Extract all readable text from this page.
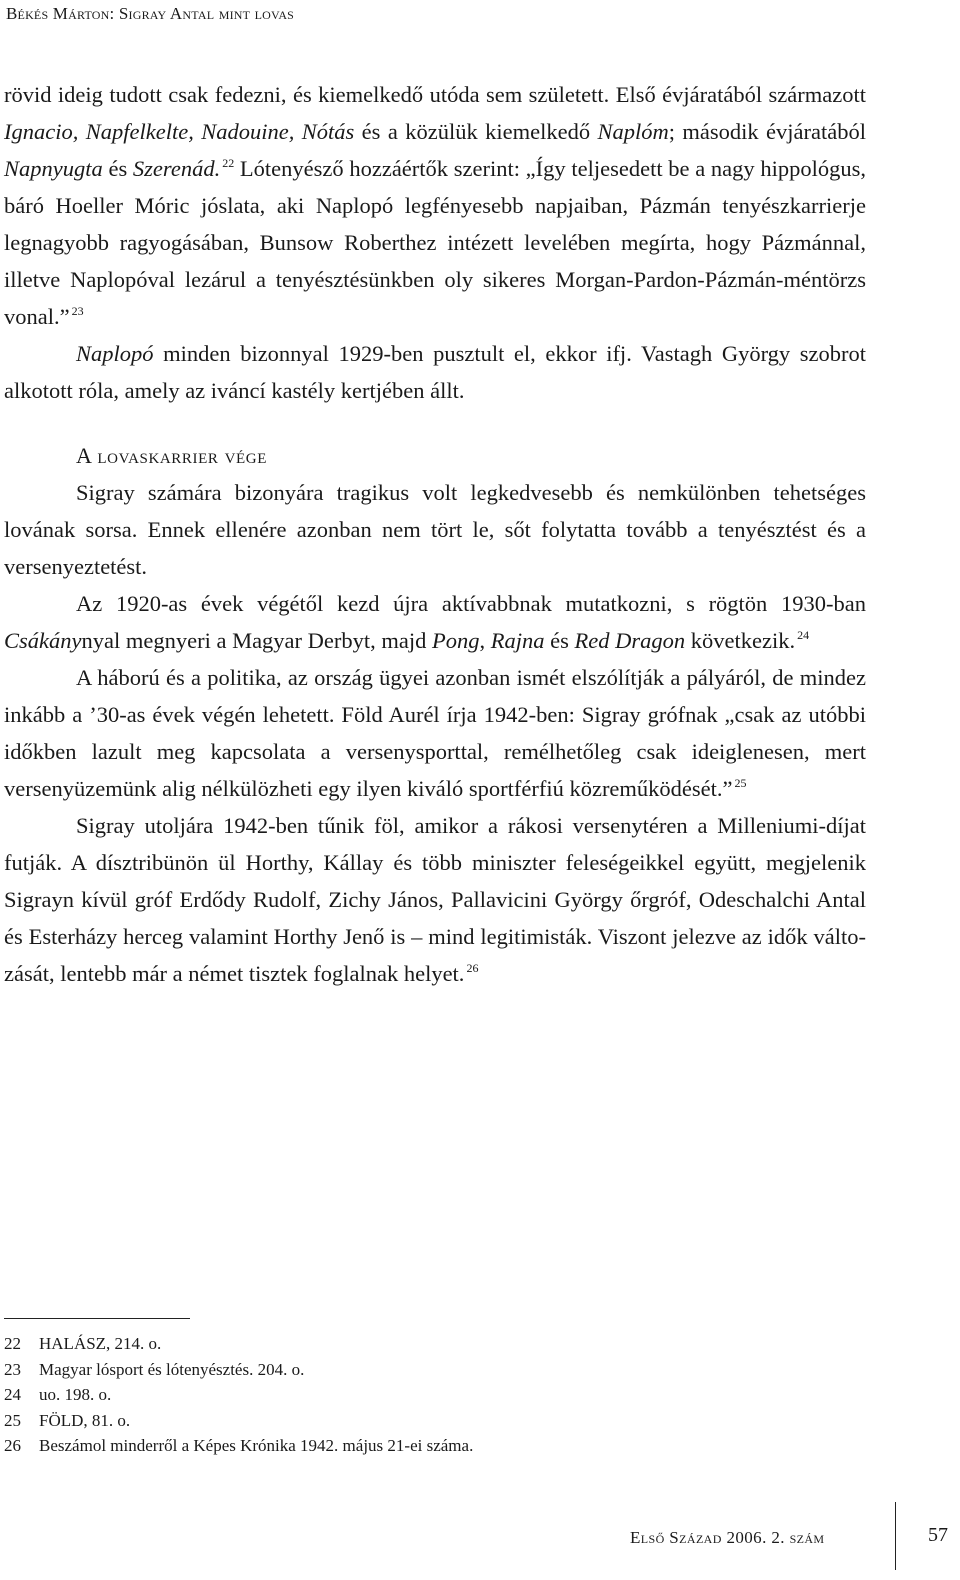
Békés Márton: Sigray Antal mint lovas

rövid ideig tudott csak fedezni, és kiemelkedő utóda sem született. Első évjáratából származott Ignacio, Napfelkelte, Nadouine, Nótás és a közülük kiemelkedő Naplóm; második évjáratából Napnyugta és Szerenád. $^{22}$ Lótenyésző hozzáértők szerint: „Így teljesedett be a nagy hippológus, báró Hoeller Móric jóslata, aki Naplopó legfényesebb napjaiban, Pázmán tenyészkarrierje legnagyobb ragyogásában, Bunsow Roberthez intézett levelében megírta, hogy Pázmánnal, illetve Naplopóval lezárul a tenyésztésünkben oly sikeres Morgan-Pardon-Pázmán-méntörzs vonal.” $^{23}$

Naplopó minden bizonnyal 1929-ben pusztult el, ekkor ifj. Vastagh György szobrot alkotott róla, amely az iváncí kastély kertjében állt.

A lovaskarrier vége

Sigray számára bizonyára tragikus volt legkedvesebb és nemkülönben tehetséges lovának sorsa. Ennek ellenére azonban nem tört le, sőt folytatta tovább a tenyésztést és a versenyeztetést.

Az 1920-as évek végétől kezd újra aktívabbnak mutatkozni, s rögtön 1930-ban Csákánynyal megnyeri a Magyar Derbyt, majd Pong, Rajna és Red Dragon következik. $^{24}$

A háború és a politika, az ország ügyei azonban ismét elszólítják a pályáról, de mindez inkább a ’30-as évek végén lehetett. Föld Aurél írja 1942-ben: Sigray grófnak „csak az utóbbi időkben lazult meg kapcsolata a versenysporttal, remélhetőleg csak ideiglenesen, mert versenyüzemünk alig nélkülözheti egy ilyen kiváló sportférfiú közreműködését.” $^{25}$

Sigray utoljára 1942-ben tűnik föl, amikor a rákosi versenytéren a Milleniumi-díjat futják. A dísztribünön ül Horthy, Kállay és több miniszter feleségeikkel együtt, megjelenik Sigrayn kívül gróf Erdődy Rudolf, Zichy János, Pallavicini György őrgróf, Odeschalchi Antal és Esterházy herceg valamint Horthy Jenő is – mind legitimisták. Viszont jelezve az idők változását, lentebb már a német tisztek foglalnak helyet. $^{26}$

22	HALÁSZ, 214. o.
23	Magyar lósport és lótenyésztés. 204. o.
24	uo. 198. o.
25	FÖLD, 81. o.
26	Beszámol minderről a Képes Krónika 1942. május 21-ei száma.
Első Század 2006. 2. szám	57
